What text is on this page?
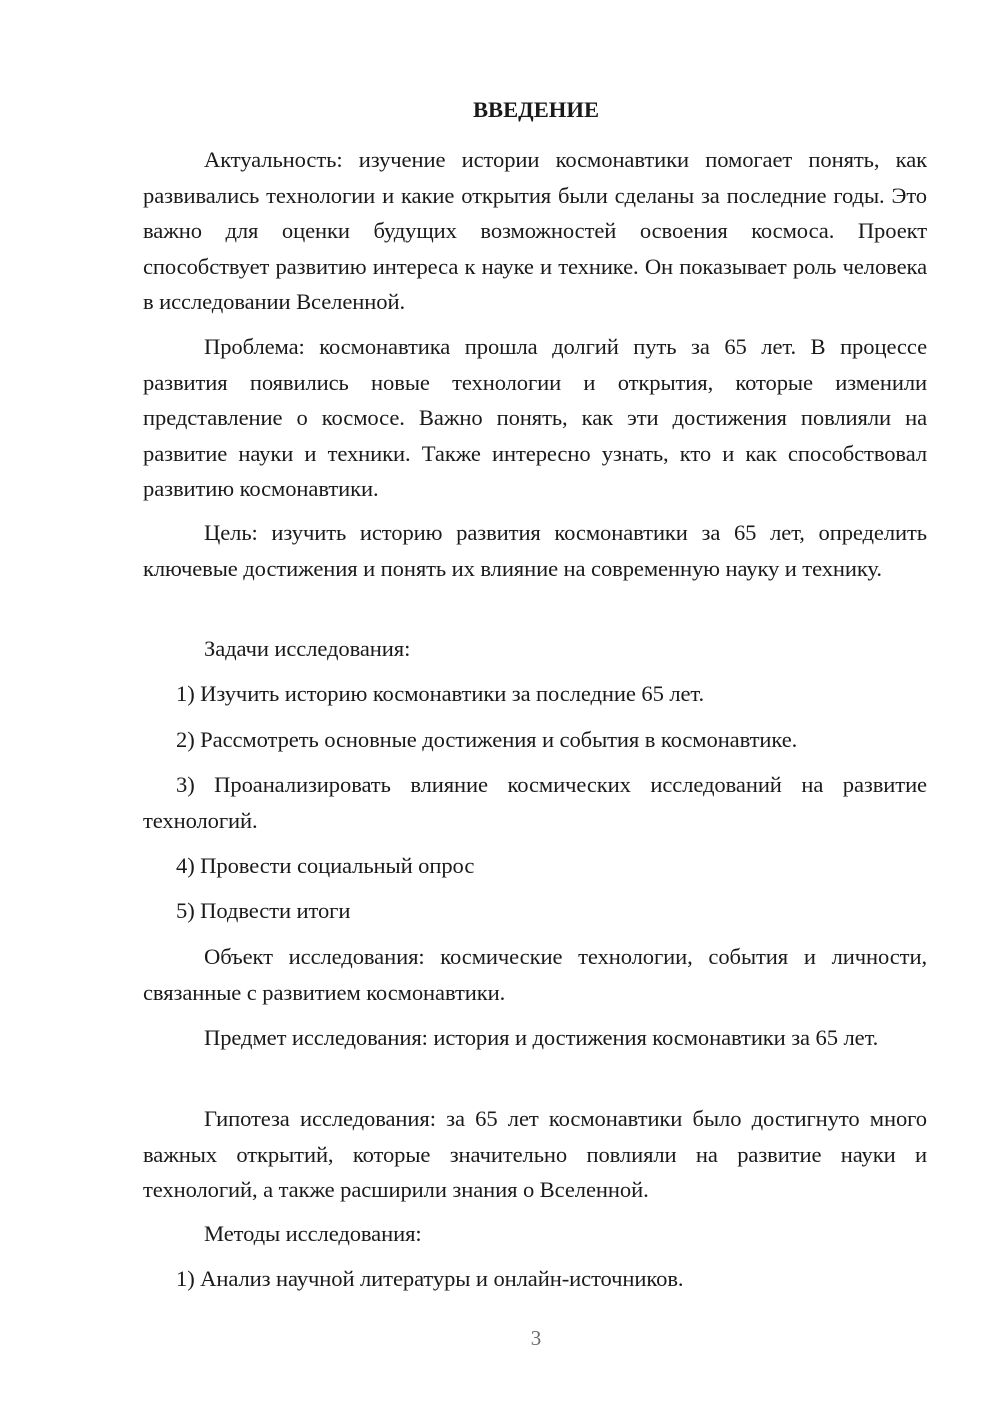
ВВЕДЕНИЕ

Актуальность: изучение истории космонавтики помогает понять, как развивались технологии и какие открытия были сделаны за последние годы. Это важно для оценки будущих возможностей освоения космоса. Проект способствует развитию интереса к науке и технике. Он показывает роль человека в исследовании Вселенной.

Проблема: космонавтика прошла долгий путь за 65 лет. В процессе развития появились новые технологии и открытия, которые изменили представление о космосе. Важно понять, как эти достижения повлияли на развитие науки и техники. Также интересно узнать, кто и как способствовал развитию космонавтики.

Цель: изучить историю развития космонавтики за 65 лет, определить ключевые достижения и понять их влияние на современную науку и технику.

Задачи исследования:

1) Изучить историю космонавтики за последние 65 лет.

2) Рассмотреть основные достижения и события в космонавтике.

3) Проанализировать влияние космических исследований на развитие технологий.

4) Провести социальный опрос

5) Подвести итоги

Объект исследования: космические технологии, события и личности, связанные с развитием космонавтики.

Предмет исследования: история и достижения космонавтики за 65 лет.

Гипотеза исследования: за 65 лет космонавтики было достигнуто много важных открытий, которые значительно повлияли на развитие науки и технологий, а также расширили знания о Вселенной.

Методы исследования:

1) Анализ научной литературы и онлайн-источников.

3
